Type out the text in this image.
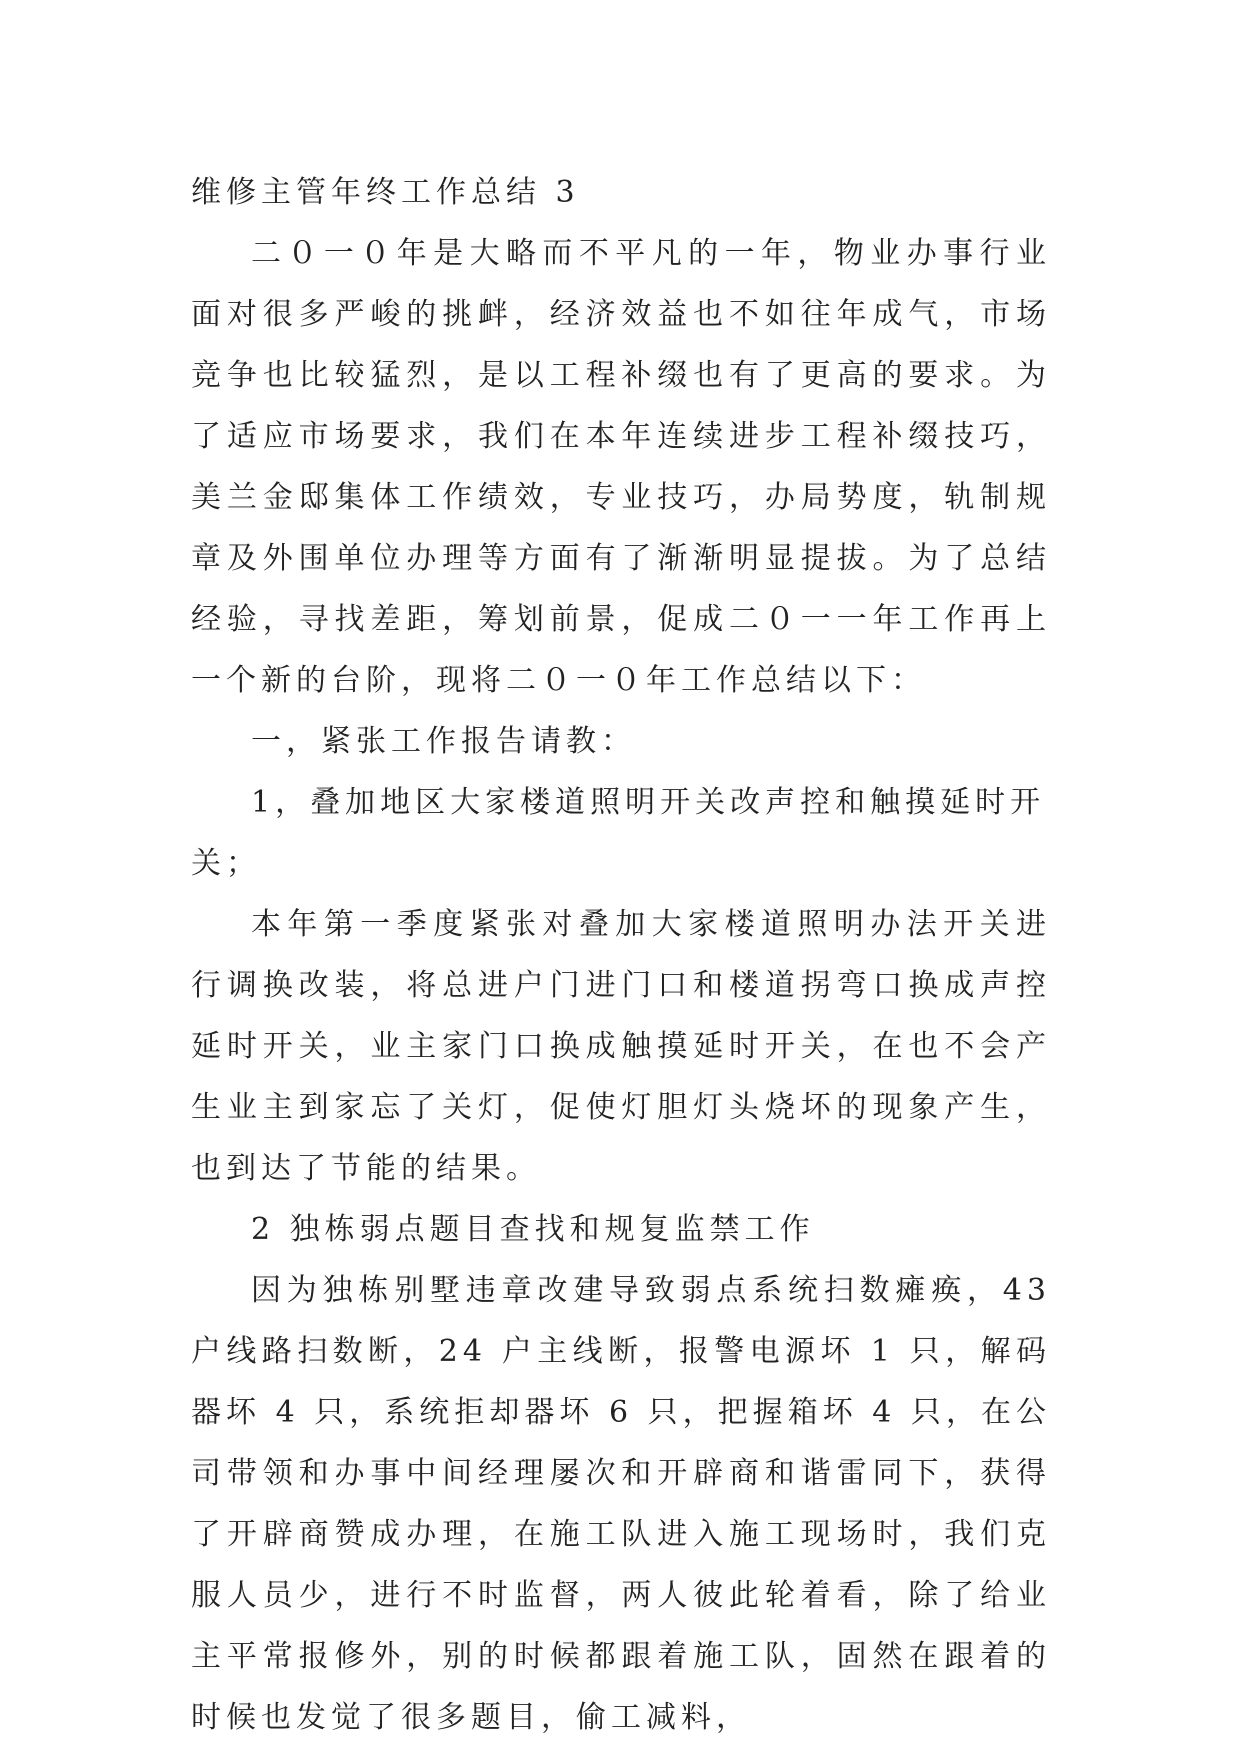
维修主管年终工作总结 3

二０一０年是大略而不平凡的一年，物业办事行业面对很多严峻的挑衅，经济效益也不如往年成气，市场竞争也比较猛烈，是以工程补缀也有了更高的要求。为了适应市场要求，我们在本年连续进步工程补缀技巧，美兰金邸集体工作绩效，专业技巧，办局势度，轨制规章及外围单位办理等方面有了渐渐明显提拔。为了总结经验，寻找差距，筹划前景，促成二０一一年工作再上一个新的台阶，现将二０一０年工作总结以下：

一，紧张工作报告请教：

1，叠加地区大家楼道照明开关改声控和触摸延时开关；

本年第一季度紧张对叠加大家楼道照明办法开关进行调换改装，将总进户门进门口和楼道拐弯口换成声控延时开关，业主家门口换成触摸延时开关，在也不会产生业主到家忘了关灯，促使灯胆灯头烧坏的现象产生，也到达了节能的结果。

2 独栋弱点题目查找和规复监禁工作

因为独栋别墅违章改建导致弱点系统扫数瘫痪，43 户线路扫数断，24 户主线断，报警电源坏 1 只，解码器坏 4 只，系统拒却器坏 6 只，把握箱坏 4 只，在公司带领和办事中间经理屡次和开辟商和谐雷同下，获得了开辟商赞成办理，在施工队进入施工现场时，我们克服人员少，进行不时监督，两人彼此轮着看，除了给业主平常报修外，别的时候都跟着施工队，固然在跟着的时候也发觉了很多题目，偷工减料，
